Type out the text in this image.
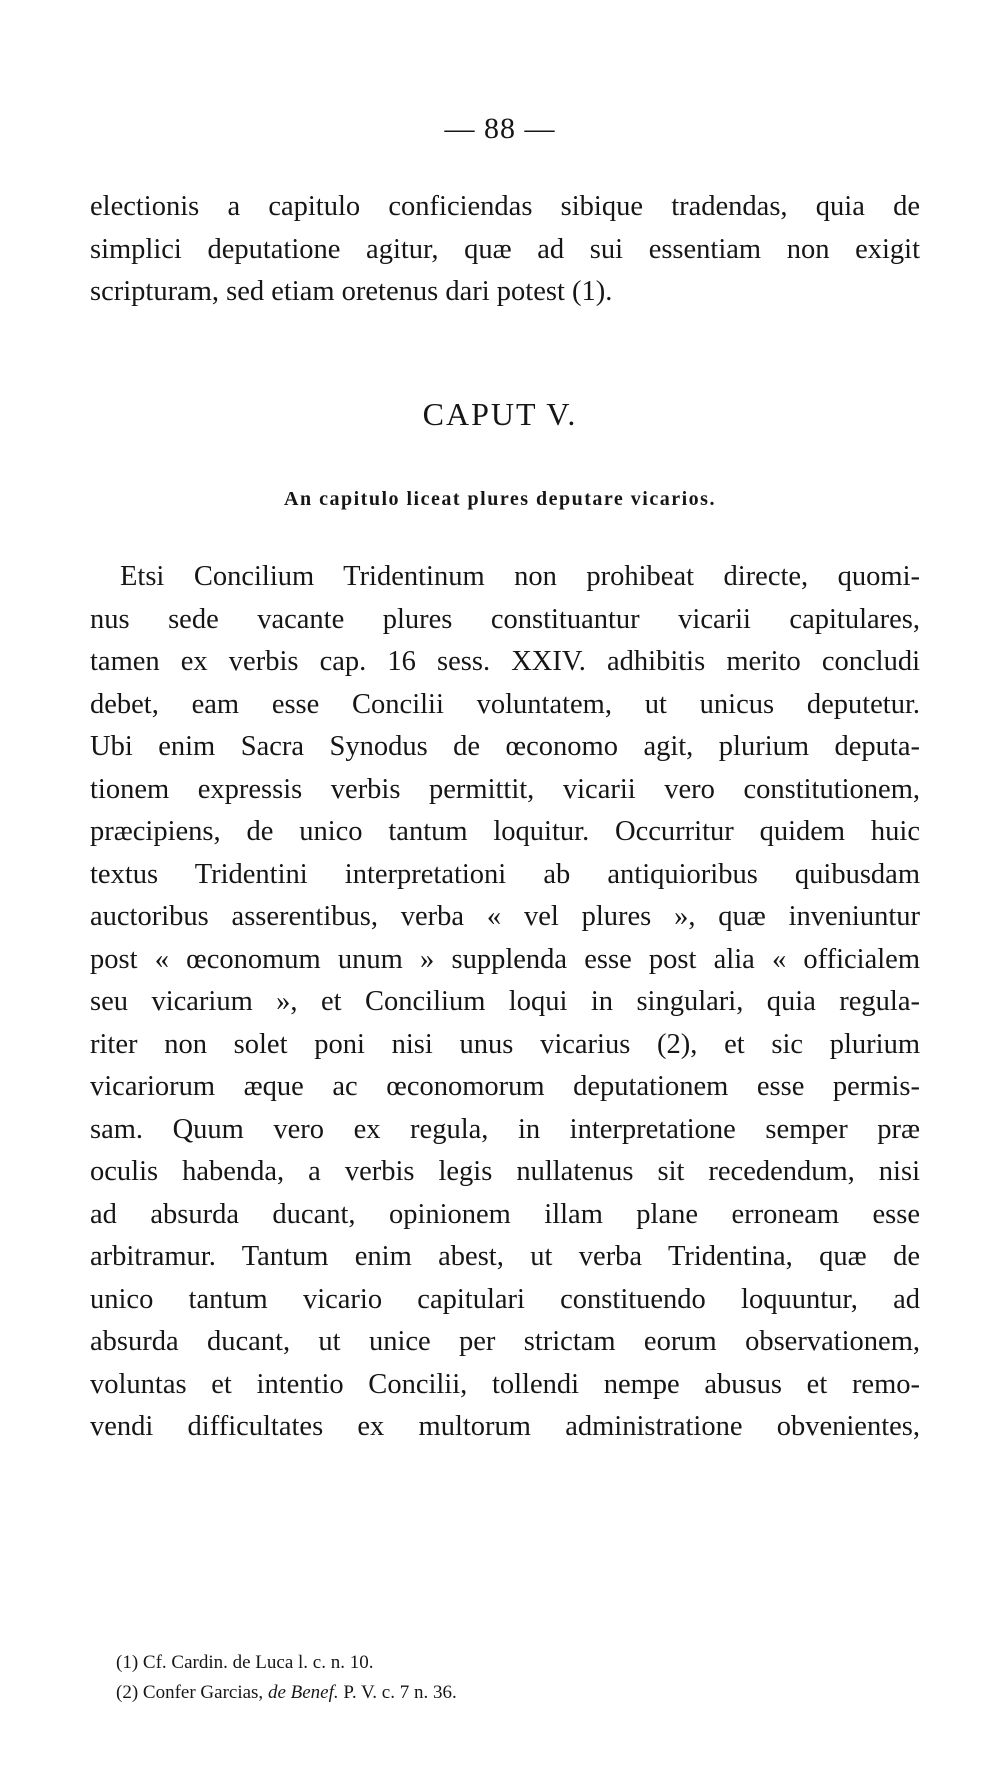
— 88 —
electionis a capitulo conficiendas sibique tradendas, quia de
simplici deputatione agitur, quæ ad sui essentiam non exigit
scripturam, sed etiam oretenus dari potest (1).
CAPUT V.
An capitulo liceat plures deputare vicarios.
Etsi Concilium Tridentinum non prohibeat directe, quomi-
nus sede vacante plures constituantur vicarii capitulares,
tamen ex verbis cap. 16 sess. XXIV. adhibitis merito concludi
debet, eam esse Concilii voluntatem, ut unicus deputetur.
Ubi enim Sacra Synodus de œconomo agit, plurium deputa-
tionem expressis verbis permittit, vicarii vero constitutionem,
præcipiens, de unico tantum loquitur. Occurritur quidem huic
textus Tridentini interpretationi ab antiquioribus quibusdam
auctoribus asserentibus, verba « vel plures », quæ inveniuntur
post « œconomum unum » supplenda esse post alia « officialem
seu vicarium », et Concilium loqui in singulari, quia regula-
riter non solet poni nisi unus vicarius (2), et sic plurium
vicariorum æque ac œconomorum deputationem esse permis-
sam. Quum vero ex regula, in interpretatione semper præ
oculis habenda, a verbis legis nullatenus sit recedendum, nisi
ad absurda ducant, opinionem illam plane erroneam esse
arbitramur. Tantum enim abest, ut verba Tridentina, quæ de
unico tantum vicario capitulari constituendo loquuntur, ad
absurda ducant, ut unice per strictam eorum observationem,
voluntas et intentio Concilii, tollendi nempe abusus et remo-
vendi difficultates ex multorum administratione obvenientes,
(1) Cf. Cardin. de Luca l. c. n. 10.
(2) Confer Garcias, de Benef. P. V. c. 7 n. 36.
